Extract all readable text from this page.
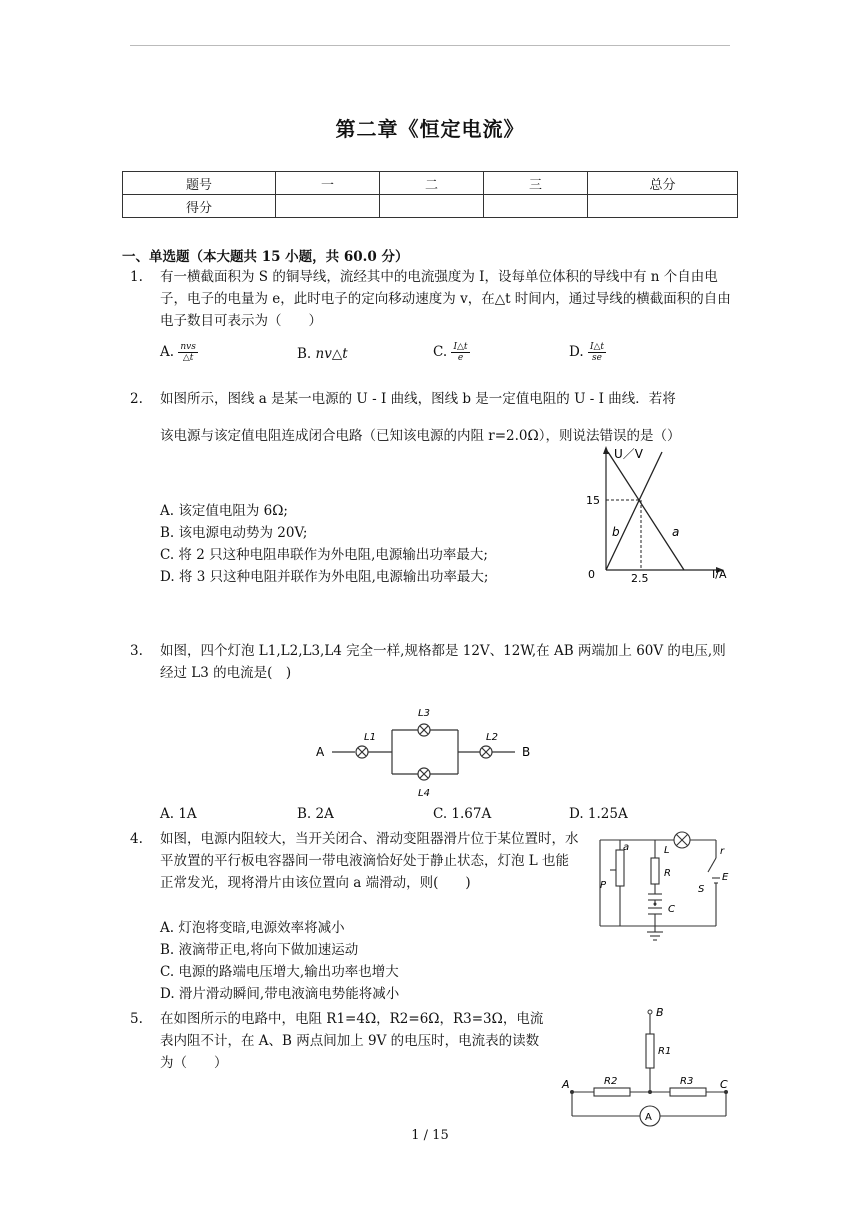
第二章《恒定电流》
题号	一	二	三	总分
得分				
一、单选题（本大题共 15 小题，共 60.0 分）
1. 有一横截面积为 S 的铜导线，流经其中的电流强度为 I，设每单位体积的导线中有 n 个自由电子，电子的电量为 e，此时电子的定向移动速度为 v，在△t 时间内，通过导线的横截面积的自由电子数目可表示为（　　）
A. $\frac{\text{nvs}}{\triangle t}$	B. nv△t	C. $\frac{I\triangle t}{e}$	D. $\frac{I\triangle t}{se}$
2. 如图所示，图线 a 是某一电源的 U - I 曲线，图线 b 是一定值电阻的 U - I 曲线．若将
该电源与该定值电阻连成闭合电路（已知该电源的内阻 r=2.0Ω），则说法错误的是（）
A. 该定值电阻为 6Ω;
B. 该电源电动势为 20V;
C. 将 2 只这种电阻串联作为外电阻,电源输出功率最大;
D. 将 3 只这种电阻并联作为外电阻,电源输出功率最大;
U／V
I/A
0
15
2.5
a
b
3. 如图，四个灯泡 L1,L2,L3,L4 完全一样,规格都是 12V、12W,在 AB 两端加上 60V 的电压,则经过 L3 的电流是(　)
A	B
L1	L2
L3
L4
A. 1A	B. 2A	C. 1.67A	D. 1.25A
4. 如图，电源内阻较大，当开关闭合、滑动变阻器滑片位于某位置时，水平放置的平行板电容器间一带电液滴恰好处于静止状态，灯泡 L 也能正常发光，现将滑片由该位置向 a 端滑动，则(　　)
A. 灯泡将变暗,电源效率将减小
B. 液滴带正电,将向下做加速运动
C. 电源的路端电压增大,输出功率也增大
D. 滑片滑动瞬间,带电液滴电势能将减小
a
P
L
R
C
S
E
r
5. 在如图所示的电路中，电阻 R1=4Ω，R2=6Ω，R3=3Ω，电流表内阻不计，在 A、B 两点间加上 9V 的电压时，电流表的读数为（　　）
B
A	C
R1
R2	R3
A
1 / 15
